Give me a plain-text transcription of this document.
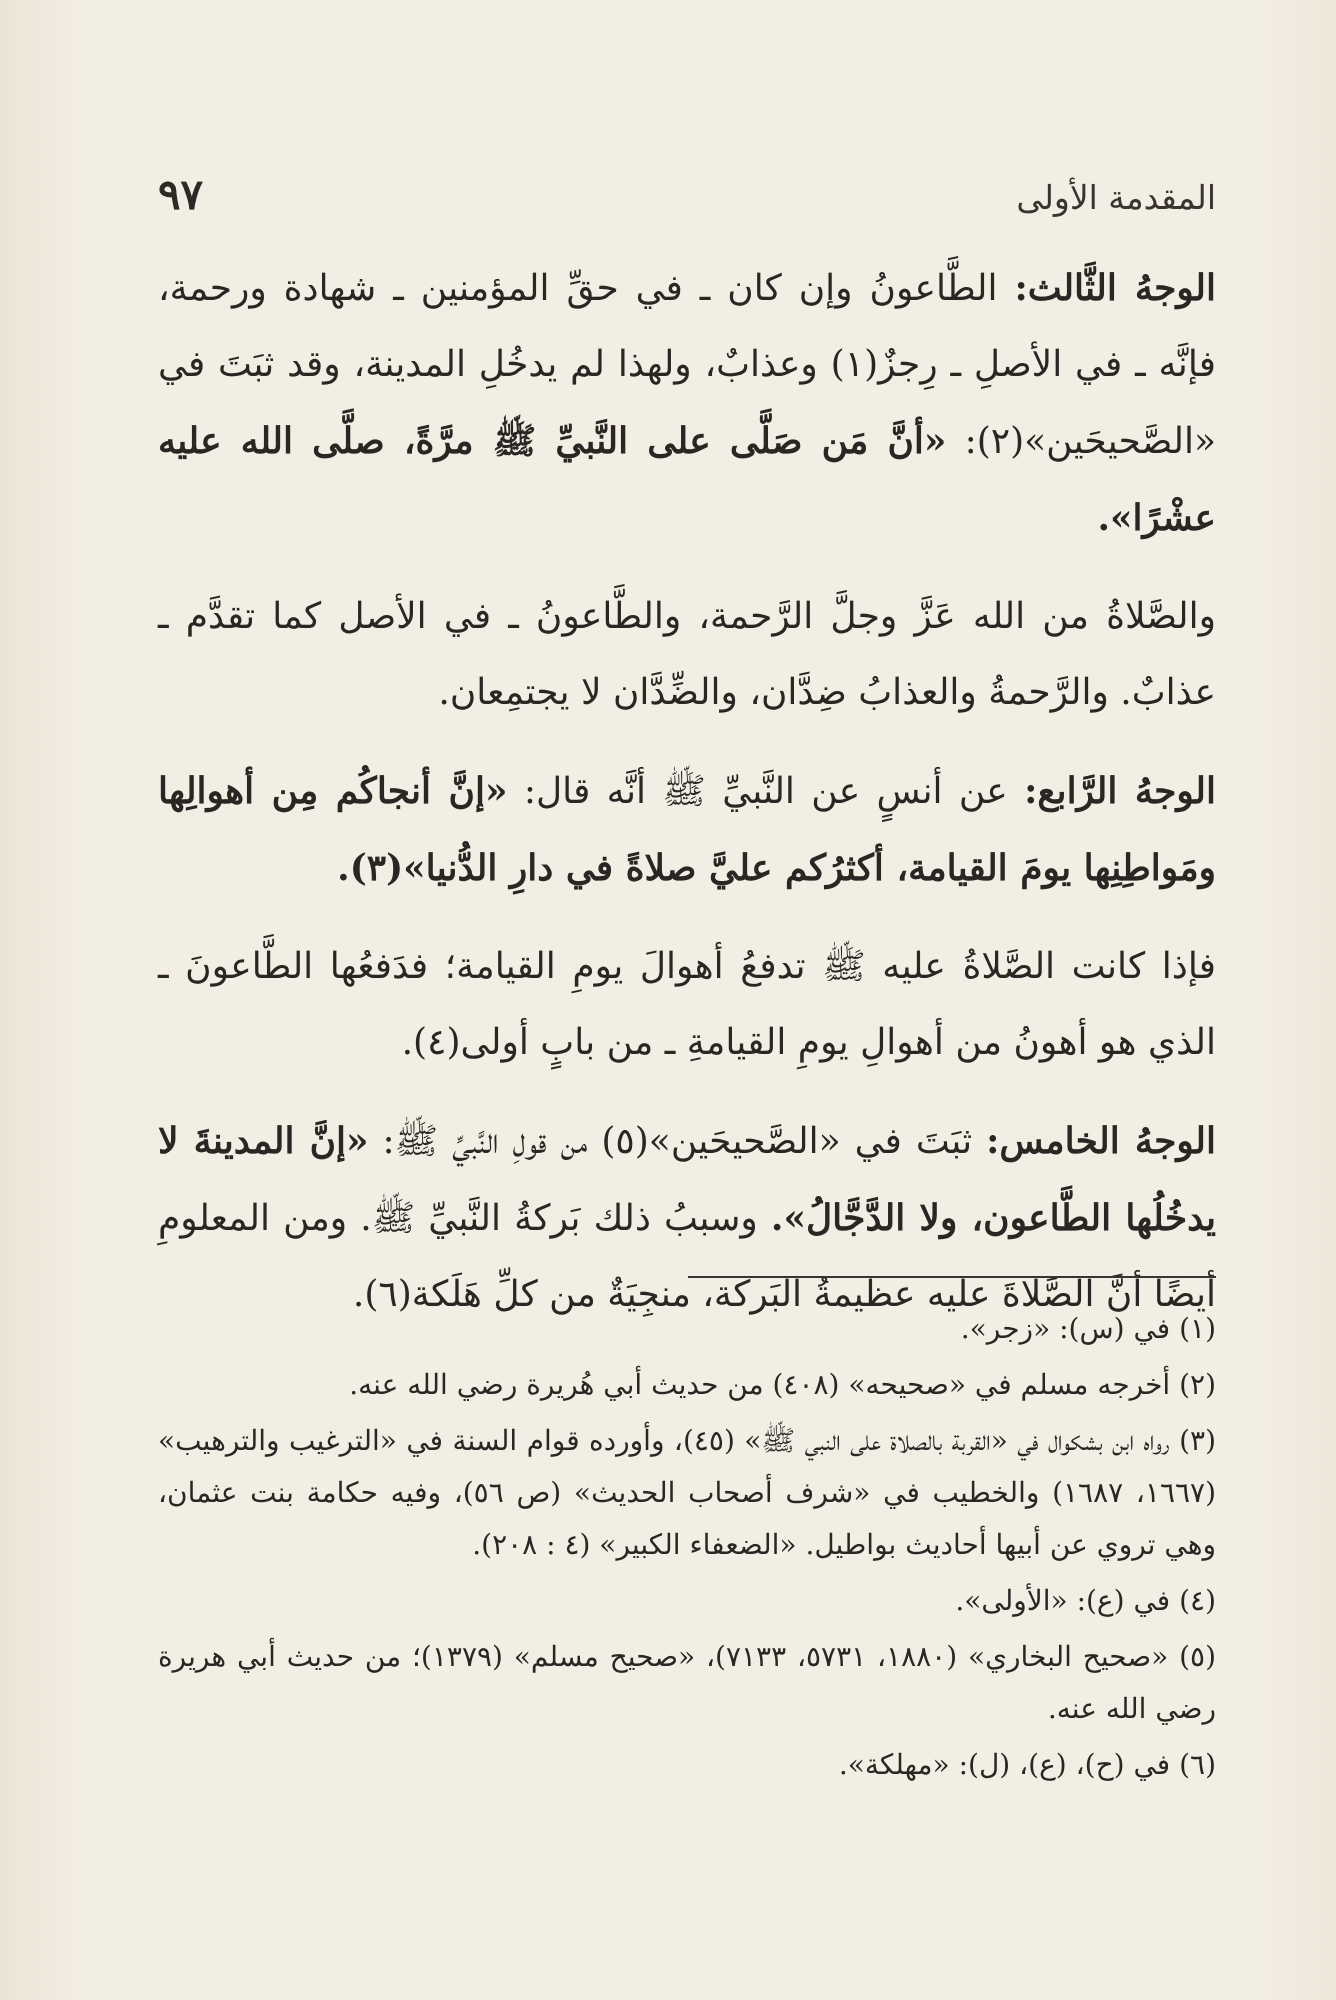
المقدمة الأولى
٩٧

الوجهُ الثَّالث: الطَّاعونُ وإن كان ـ في حقِّ المؤمنين ـ شهادة ورحمة، فإنَّه ـ في الأصلِ ـ رِجزٌ(١) وعذابٌ، ولهذا لم يدخُلِ المدينة، وقد ثبَتَ في «الصَّحيحَين»(٢): «أنَّ مَن صَلَّى على النَّبيِّ ﷺ مرَّةً، صلَّى الله عليه عشْرًا».

والصَّلاةُ من الله عَزَّ وجلَّ الرَّحمة، والطَّاعونُ ـ في الأصل كما تقدَّم ـ عذابٌ. والرَّحمةُ والعذابُ ضِدَّان، والضِّدَّان لا يجتمِعان.

الوجهُ الرَّابع: عن أنسٍ عن النَّبيِّ ﷺ أنَّه قال: «إنَّ أنجاكُم مِن أهوالِها ومَواطِنِها يومَ القيامة، أكثرُكم عليَّ صلاةً في دارِ الدُّنيا»(٣).

فإذا كانت الصَّلاةُ عليه ﷺ تدفعُ أهوالَ يومِ القيامة؛ فدَفعُها الطَّاعونَ ـ الذي هو أهونُ من أهوالِ يومِ القيامةِ ـ من بابٍ أولى(٤).

الوجهُ الخامس: ثبَتَ في «الصَّحيحَين»(٥) من قولِ النَّبيِّ ﷺ: «إنَّ المدينةَ لا يدخُلُها الطَّاعون، ولا الدَّجَّالُ». وسببُ ذلك بَركةُ النَّبيِّ ﷺ. ومن المعلومِ أيضًا أنَّ الصَّلاةَ عليه عظيمةُ البَركة، منجِيَةٌ من كلِّ هَلَكة(٦).

(١) في (س): «زجر».

(٢) أخرجه مسلم في «صحيحه» (٤٠٨) من حديث أبي هُريرة رضي الله عنه.

(٣) رواه ابن بشكوال في «القربة بالصلاة على النبي ﷺ» (٤٥)، وأورده قوام السنة في «الترغيب والترهيب» (١٦٦٧، ١٦٨٧) والخطيب في «شرف أصحاب الحديث» (ص ٥٦)، وفيه حكامة بنت عثمان، وهي تروي عن أبيها أحاديث بواطيل. «الضعفاء الكبير» (٤ : ٢٠٨).

(٤) في (ع): «الأولى».

(٥) «صحيح البخاري» (١٨٨٠، ٥٧٣١، ٧١٣٣)، «صحيح مسلم» (١٣٧٩)؛ من حديث أبي هريرة رضي الله عنه.

(٦) في (ح)، (ع)، (ل): «مهلكة».
